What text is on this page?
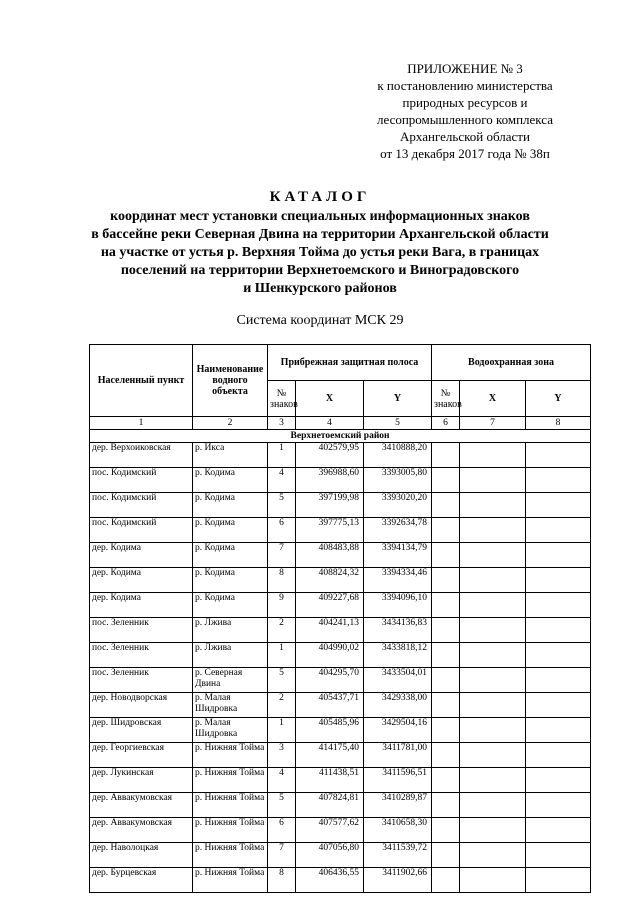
ПРИЛОЖЕНИЕ № 3
к постановлению министерства
природных ресурсов и
лесопромышленного комплекса
Архангельской области
от 13 декабря 2017 года № 38п
КАТАЛОГ
координат мест установки специальных информационных знаков
в бассейне реки Северная Двина на территории Архангельской области
на участке от устья р. Верхняя Тойма до устья реки Вага, в границах
поселений на территории Верхнетоемского и Виноградовского
и Шенкурского районов
Система координат МСК 29
Населенный пункт	Наименование водного объекта	Прибрежная защитная полоса			Водоохранная зона		
		№ знаков	X	Y	№ знаков	X	Y
1	2	3	4	5	6	7	8
Верхнетоемский район							
дер. Верхоиковская	р. Икса	1	402579,95	3410888,20			
пос. Кодимский	р. Кодима	4	396988,60	3393005,80			
пос. Кодимский	р. Кодима	5	397199,98	3393020,20			
пос. Кодимский	р. Кодима	6	397775,13	3392634,78			
дер. Кодима	р. Кодима	7	408483,88	3394134,79			
дер. Кодима	р. Кодима	8	408824,32	3394334,46			
дер. Кодима	р. Кодима	9	409227,68	3394096,10			
пос. Зеленник	р. Лжива	2	404241,13	3434136,83			
пос. Зеленник	р. Лжива	1	404990,02	3433818,12			
пос. Зеленник	р. Северная Двина	5	404295,70	3433504,01			
дер. Новодворская	р. Малая Шидровка	2	405437,71	3429338,00			
дер. Шидровская	р. Малая Шидровка	1	405485,96	3429504,16			
дер. Георгиевская	р. Нижняя Тойма	3	414175,40	3411781,00			
дер. Лукинская	р. Нижняя Тойма	4	411438,51	3411596,51			
дер. Аввакумовская	р. Нижняя Тойма	5	407824,81	3410289,87			
дер. Аввакумовская	р. Нижняя Тойма	6	407577,62	3410658,30			
дер. Наволоцкая	р. Нижняя Тойма	7	407056,80	3411539,72			
дер. Бурцевская	р. Нижняя Тойма	8	406436,55	3411902,66			
